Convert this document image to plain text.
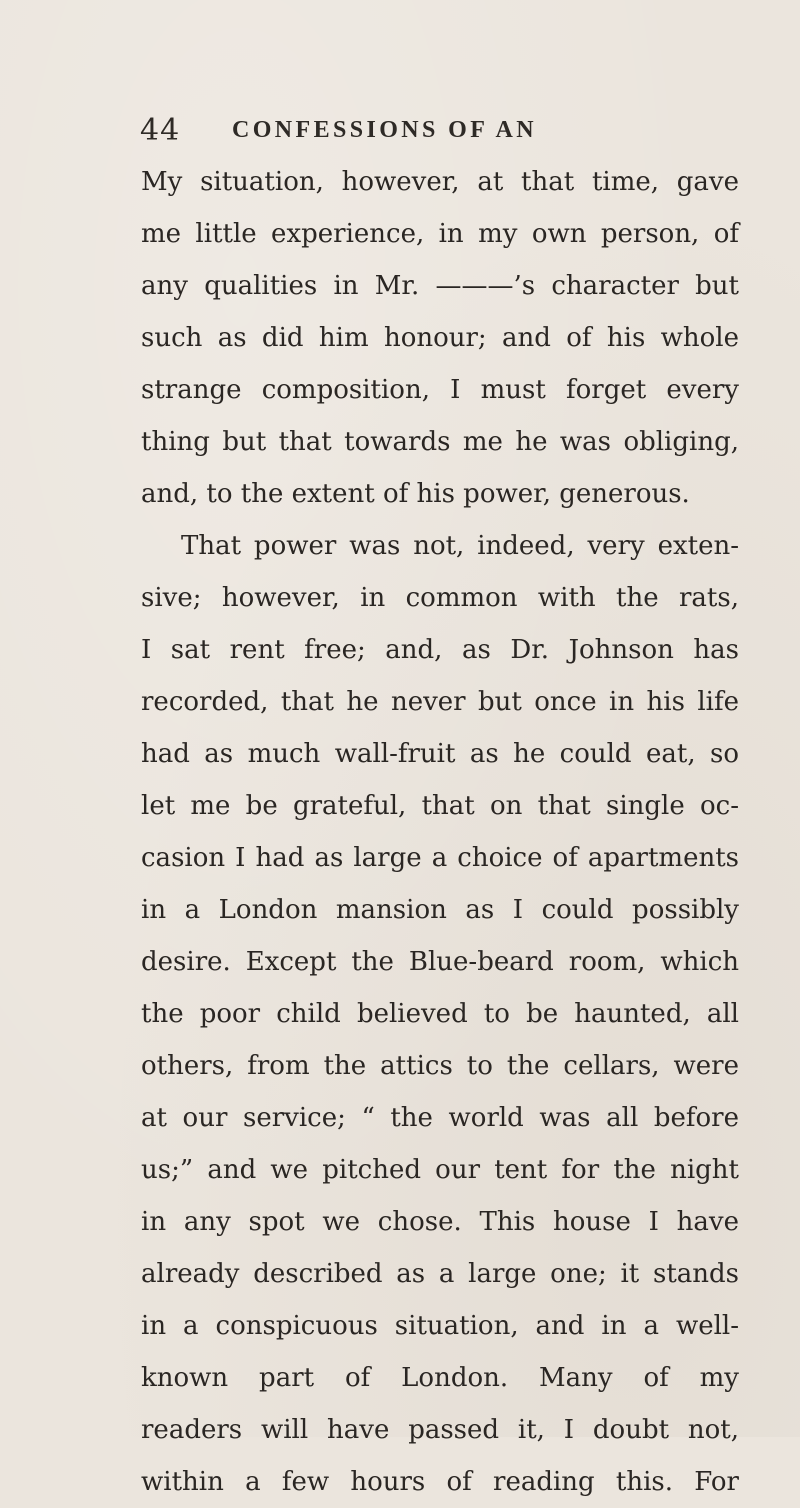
44 CONFESSIONS OF AN
My situation, however, at that time, gave
me little experience, in my own person, of
any qualities in Mr. ———’s character but
such as did him honour; and of his whole
strange composition, I must forget every
thing but that towards me he was obliging,
and, to the extent of his power, generous.
That power was not, indeed, very exten-
sive; however, in common with the rats,
I sat rent free; and, as Dr. Johnson has
recorded, that he never but once in his life
had as much wall-fruit as he could eat, so
let me be grateful, that on that single oc-
casion I had as large a choice of apartments
in a London mansion as I could possibly
desire. Except the Blue-beard room, which
the poor child believed to be haunted, all
others, from the attics to the cellars, were
at our service; “ the world was all before
us;” and we pitched our tent for the night
in any spot we chose. This house I have
already described as a large one; it stands
in a conspicuous situation, and in a well-
known part of London. Many of my
readers will have passed it, I doubt not,
within a few hours of reading this. For
